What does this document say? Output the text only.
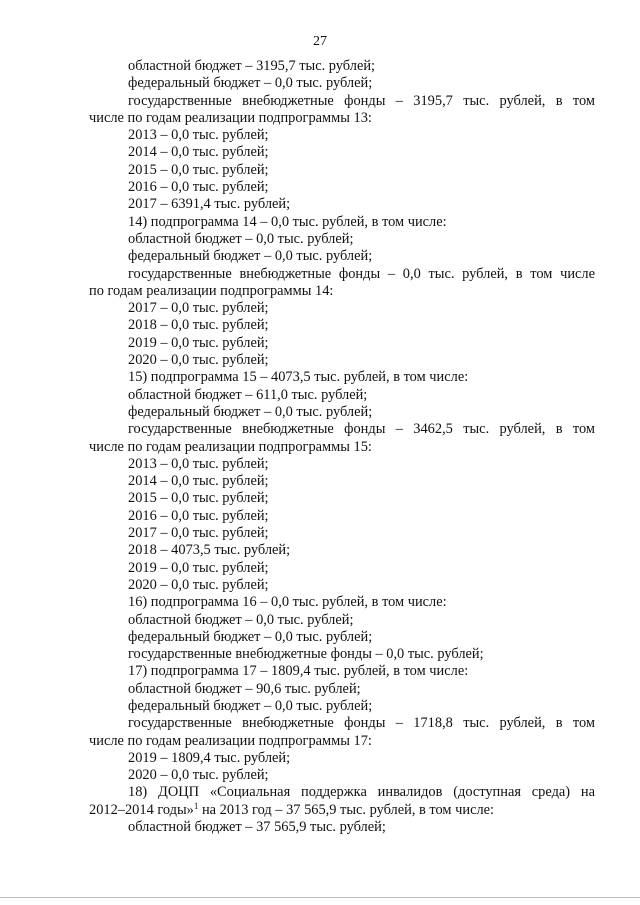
27
областной бюджет – 3195,7 тыс. рублей;
федеральный бюджет – 0,0 тыс. рублей;
государственные внебюджетные фонды – 3195,7 тыс. рублей, в том
числе по годам реализации подпрограммы 13:
2013 – 0,0 тыс. рублей;
2014 – 0,0 тыс. рублей;
2015 – 0,0 тыс. рублей;
2016 – 0,0 тыс. рублей;
2017 – 6391,4 тыс. рублей;
14) подпрограмма 14 – 0,0 тыс. рублей, в том числе:
областной бюджет – 0,0 тыс. рублей;
федеральный бюджет – 0,0 тыс. рублей;
государственные внебюджетные фонды – 0,0 тыс. рублей, в том числе
по годам реализации подпрограммы 14:
2017 – 0,0 тыс. рублей;
2018 – 0,0 тыс. рублей;
2019 – 0,0 тыс. рублей;
2020 – 0,0 тыс. рублей;
15) подпрограмма 15 – 4073,5 тыс. рублей, в том числе:
областной бюджет – 611,0 тыс. рублей;
федеральный бюджет – 0,0 тыс. рублей;
государственные внебюджетные фонды – 3462,5 тыс. рублей, в том
числе по годам реализации подпрограммы 15:
2013 – 0,0 тыс. рублей;
2014 – 0,0 тыс. рублей;
2015 – 0,0 тыс. рублей;
2016 – 0,0 тыс. рублей;
2017 – 0,0 тыс. рублей;
2018 – 4073,5 тыс. рублей;
2019 – 0,0 тыс. рублей;
2020 – 0,0 тыс. рублей;
16) подпрограмма 16 – 0,0 тыс. рублей, в том числе:
областной бюджет – 0,0 тыс. рублей;
федеральный бюджет – 0,0 тыс. рублей;
государственные внебюджетные фонды – 0,0 тыс. рублей;
17) подпрограмма 17 – 1809,4 тыс. рублей, в том числе:
областной бюджет – 90,6 тыс. рублей;
федеральный бюджет – 0,0 тыс. рублей;
государственные внебюджетные фонды – 1718,8 тыс. рублей, в том
числе по годам реализации подпрограммы 17:
2019 – 1809,4 тыс. рублей;
2020 – 0,0 тыс. рублей;
18) ДОЦП «Социальная поддержка инвалидов (доступная среда) на
2012–2014 годы»$^1$ на 2013 год – 37 565,9 тыс. рублей, в том числе:
областной бюджет – 37 565,9 тыс. рублей;
